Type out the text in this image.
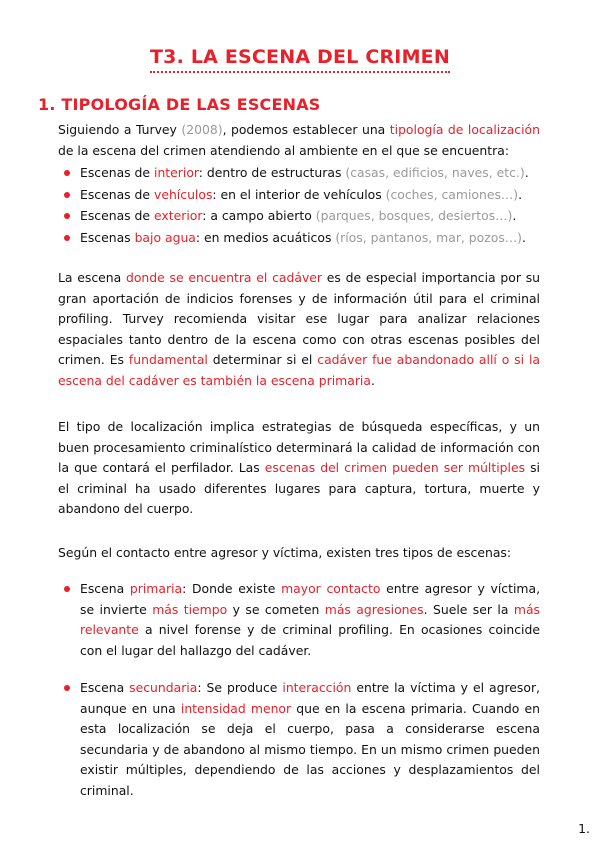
T3. LA ESCENA DEL CRIMEN
1. TIPOLOGÍA DE LAS ESCENAS
Siguiendo a Turvey (2008), podemos establecer una tipología de localización de la escena del crimen atendiendo al ambiente en el que se encuentra:
Escenas de interior: dentro de estructuras (casas, edificios, naves, etc.).
Escenas de vehículos: en el interior de vehículos (coches, camiones…).
Escenas de exterior: a campo abierto (parques, bosques, desiertos…).
Escenas bajo agua: en medios acuáticos (ríos, pantanos, mar, pozos…).
La escena donde se encuentra el cadáver es de especial importancia por su gran aportación de indicios forenses y de información útil para el criminal profiling. Turvey recomienda visitar ese lugar para analizar relaciones espaciales tanto dentro de la escena como con otras escenas posibles del crimen. Es fundamental determinar si el cadáver fue abandonado allí o si la escena del cadáver es también la escena primaria.
El tipo de localización implica estrategias de búsqueda específicas, y un buen procesamiento criminalístico determinará la calidad de información con la que contará el perfilador. Las escenas del crimen pueden ser múltiples si el criminal ha usado diferentes lugares para captura, tortura, muerte y abandono del cuerpo.
Según el contacto entre agresor y víctima, existen tres tipos de escenas:
Escena primaria: Donde existe mayor contacto entre agresor y víctima, se invierte más tiempo y se cometen más agresiones. Suele ser la más relevante a nivel forense y de criminal profiling. En ocasiones coincide con el lugar del hallazgo del cadáver.
Escena secundaria: Se produce interacción entre la víctima y el agresor, aunque en una intensidad menor que en la escena primaria. Cuando en esta localización se deja el cuerpo, pasa a considerarse escena secundaria y de abandono al mismo tiempo. En un mismo crimen pueden existir múltiples, dependiendo de las acciones y desplazamientos del criminal.
1.
